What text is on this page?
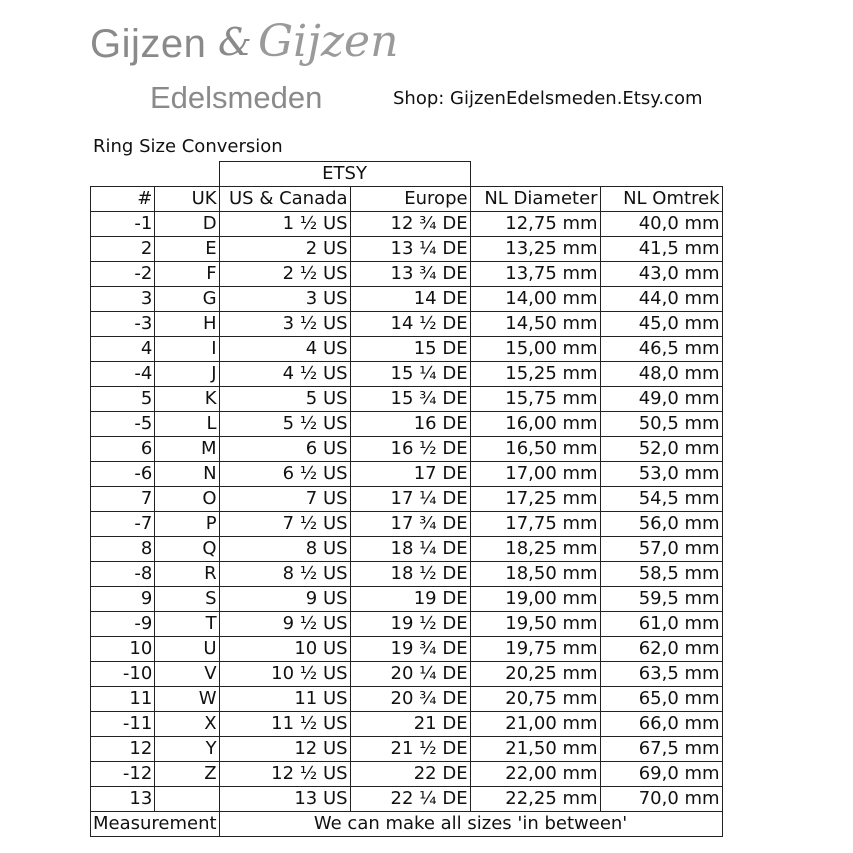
Gijzen & Gijzen
Edelsmeden	Shop: GijzenEdelsmeden.Etsy.com
Ring Size Conversion
		ETSY			
#	UK	US & Canada	Europe	NL Diameter	NL Omtrek
-1	D	1 ½ US	12 ¾ DE	12,75 mm	40,0 mm
2	E	2 US	13 ¼ DE	13,25 mm	41,5 mm
-2	F	2 ½ US	13 ¾ DE	13,75 mm	43,0 mm
3	G	3 US	14 DE	14,00 mm	44,0 mm
-3	H	3 ½ US	14 ½ DE	14,50 mm	45,0 mm
4	I	4 US	15 DE	15,00 mm	46,5 mm
-4	J	4 ½ US	15 ¼ DE	15,25 mm	48,0 mm
5	K	5 US	15 ¾ DE	15,75 mm	49,0 mm
-5	L	5 ½ US	16 DE	16,00 mm	50,5 mm
6	M	6 US	16 ½ DE	16,50 mm	52,0 mm
-6	N	6 ½ US	17 DE	17,00 mm	53,0 mm
7	O	7 US	17 ¼ DE	17,25 mm	54,5 mm
-7	P	7 ½ US	17 ¾ DE	17,75 mm	56,0 mm
8	Q	8 US	18 ¼ DE	18,25 mm	57,0 mm
-8	R	8 ½ US	18 ½ DE	18,50 mm	58,5 mm
9	S	9 US	19 DE	19,00 mm	59,5 mm
-9	T	9 ½ US	19 ½ DE	19,50 mm	61,0 mm
10	U	10 US	19 ¾ DE	19,75 mm	62,0 mm
-10	V	10 ½ US	20 ¼ DE	20,25 mm	63,5 mm
11	W	11 US	20 ¾ DE	20,75 mm	65,0 mm
-11	X	11 ½ US	21 DE	21,00 mm	66,0 mm
12	Y	12 US	21 ½ DE	21,50 mm	67,5 mm
-12	Z	12 ½ US	22 DE	22,00 mm	69,0 mm
13		13 US	22 ¼ DE	22,25 mm	70,0 mm
Measurement		We can make all sizes 'in between'			
